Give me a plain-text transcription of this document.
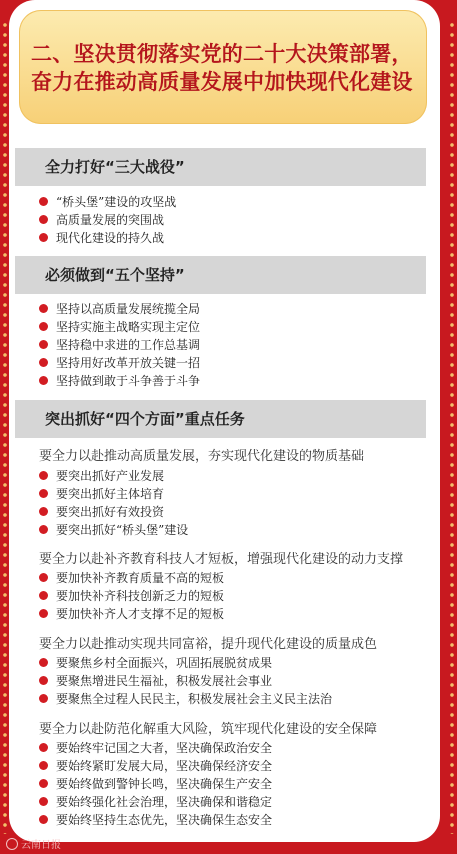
二、坚决贯彻落实党的二十大决策部署，奋力在推动高质量发展中加快现代化建设
全力打好“三大战役”
“桥头堡”建设的攻坚战
高质量发展的突围战
现代化建设的持久战
必须做到“五个坚持”
坚持以高质量发展统揽全局
坚持实施主战略实现主定位
坚持稳中求进的工作总基调
坚持用好改革开放关键一招
坚持做到敢于斗争善于斗争
突出抓好“四个方面”重点任务
要全力以赴推动高质量发展，夯实现代化建设的物质基础
要突出抓好产业发展
要突出抓好主体培育
要突出抓好有效投资
要突出抓好“桥头堡”建设
要全力以赴补齐教育科技人才短板，增强现代化建设的动力支撑
要加快补齐教育质量不高的短板
要加快补齐科技创新乏力的短板
要加快补齐人才支撑不足的短板
要全力以赴推动实现共同富裕，提升现代化建设的质量成色
要聚焦乡村全面振兴，巩固拓展脱贫成果
要聚焦增进民生福祉，积极发展社会事业
要聚焦全过程人民民主，积极发展社会主义民主法治
要全力以赴防范化解重大风险，筑牢现代化建设的安全保障
要始终牢记国之大者，坚决确保政治安全
要始终紧盯发展大局，坚决确保经济安全
要始终做到警钟长鸣，坚决确保生产安全
要始终强化社会治理，坚决确保和谐稳定
要始终坚持生态优先，坚决确保生态安全
云南日报
